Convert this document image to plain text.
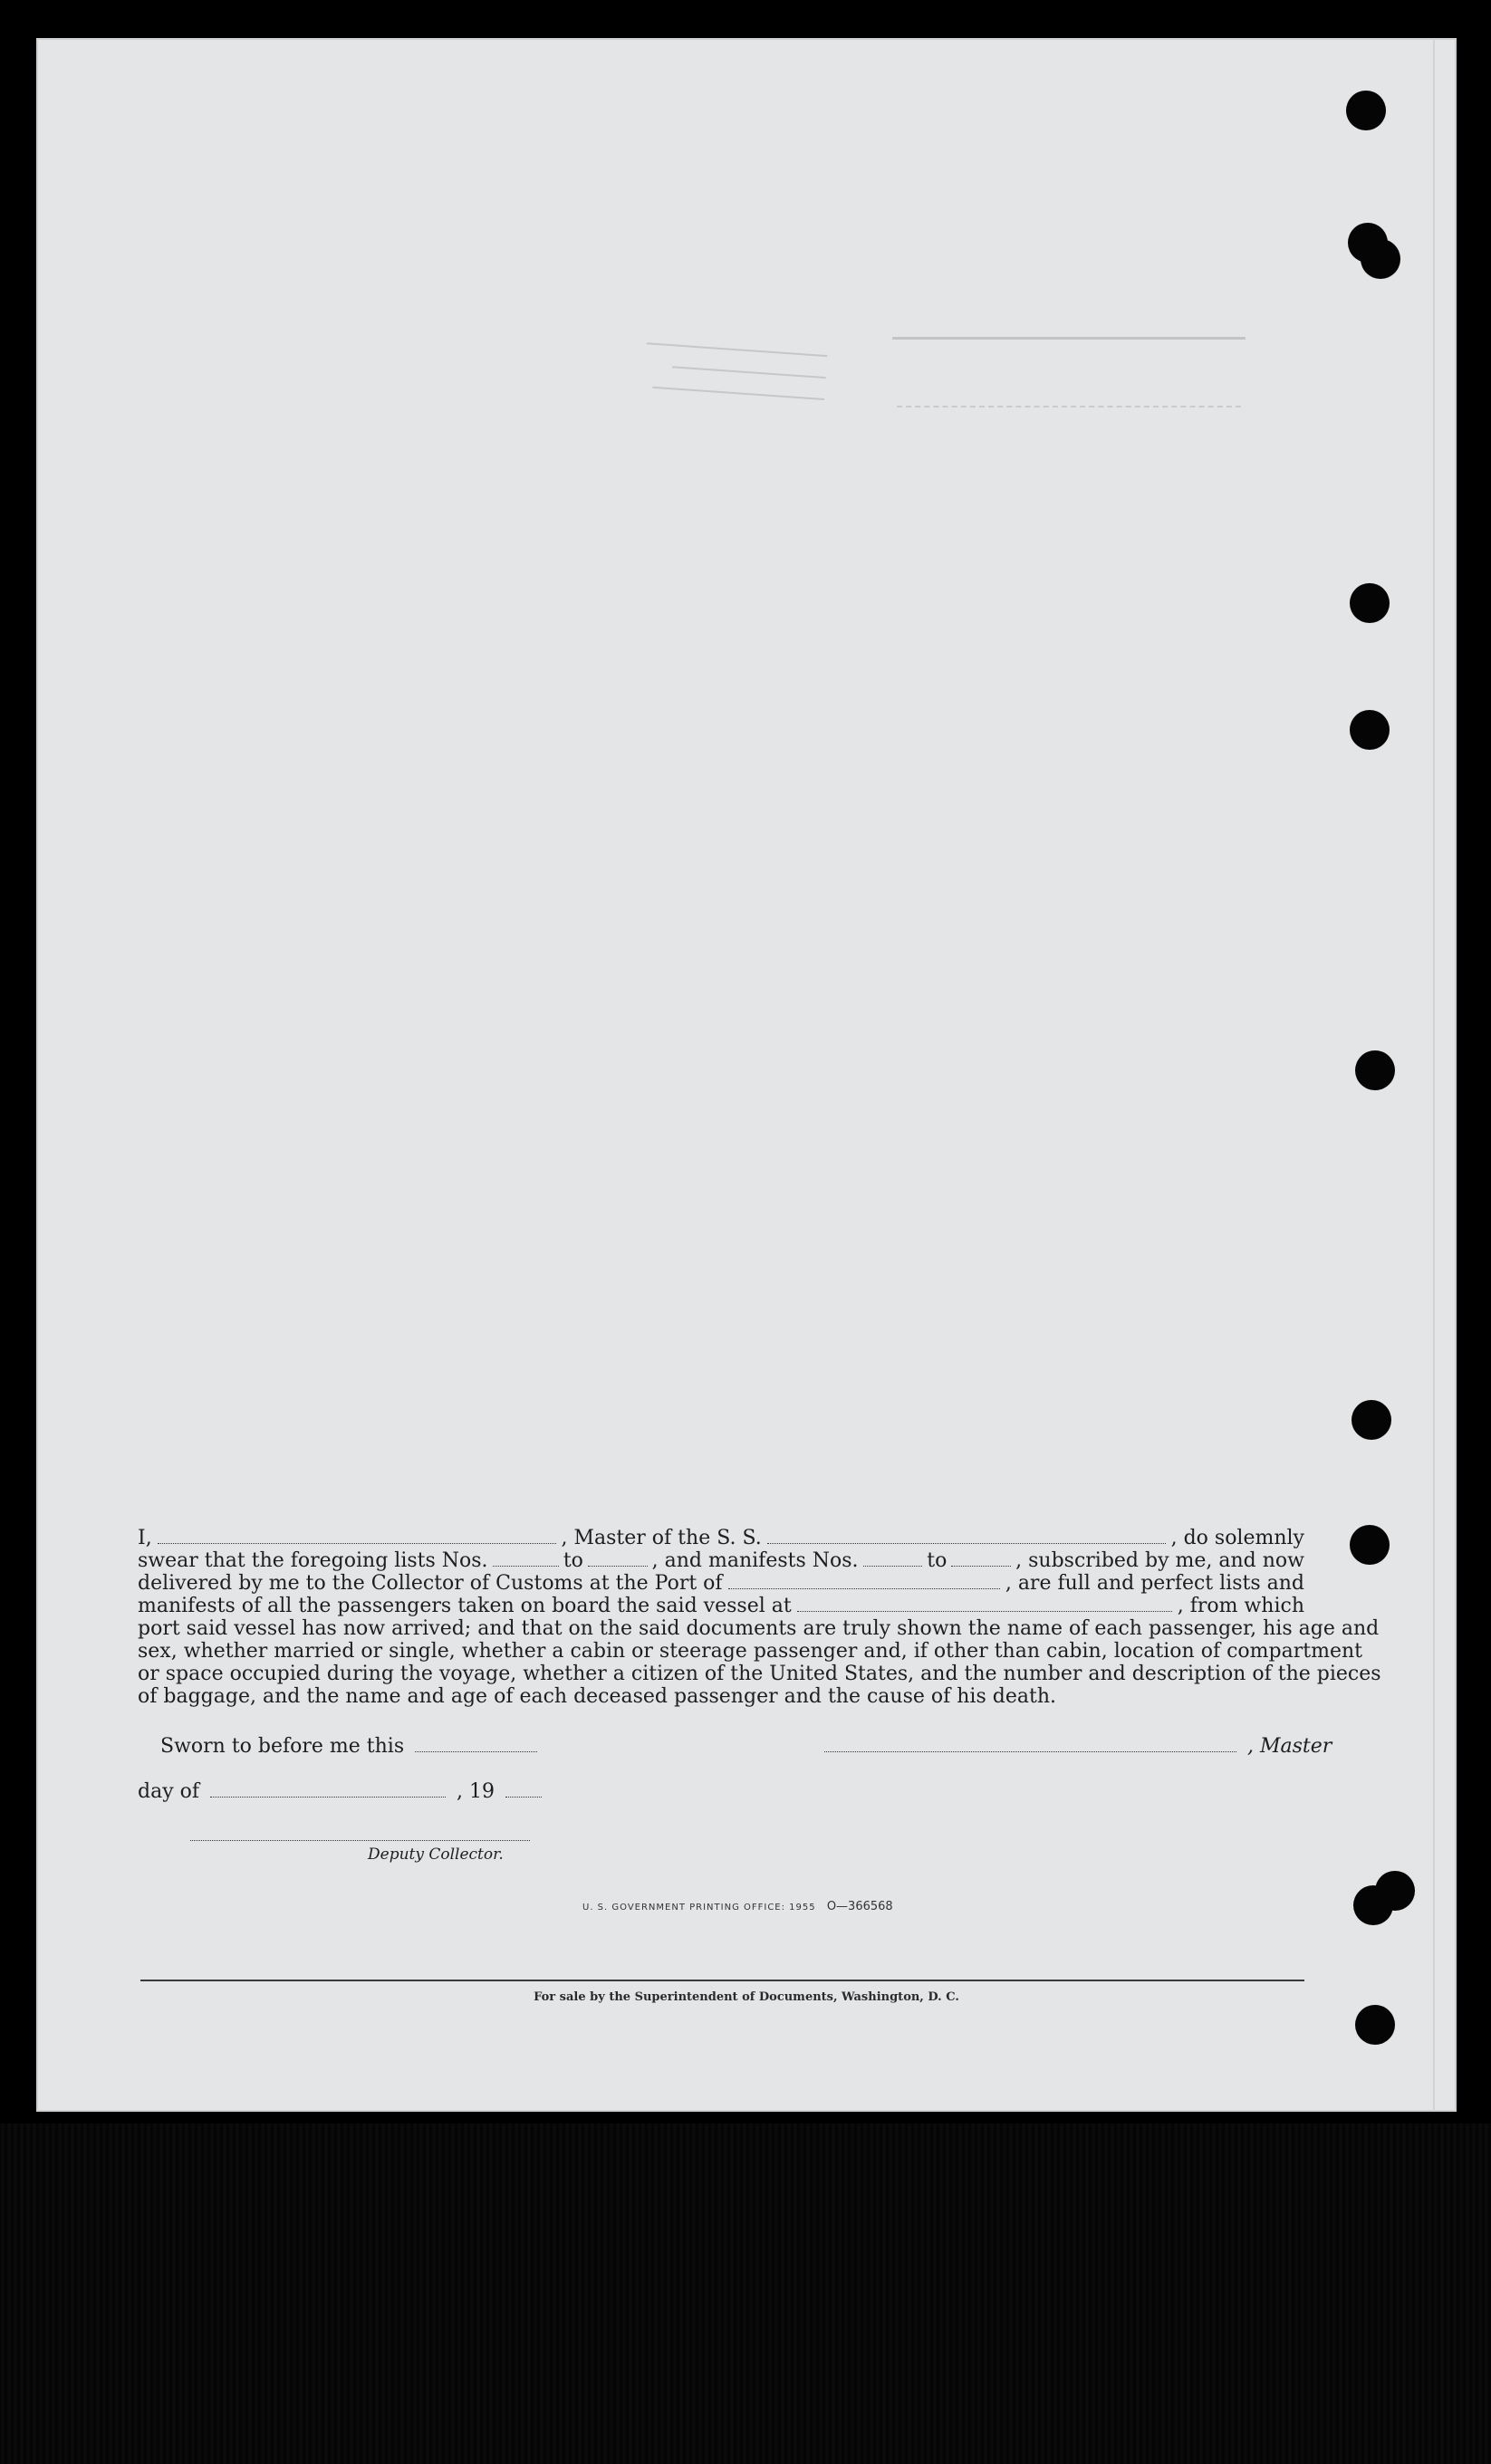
I,	, Master of the S. S.	, do solemnly
swear that the foregoing lists Nos.	to	, and manifests Nos.	to	, subscribed by me, and now
delivered by me to the Collector of Customs at the Port of	, are full and perfect lists and
manifests of all the passengers taken on board the said vessel at	, from which
port said vessel has now arrived; and that on the said documents are truly shown the name of each passenger, his age and
sex, whether married or single, whether a cabin or steerage passenger and, if other than cabin, location of compartment
or space occupied during the voyage, whether a citizen of the United States, and the number and description of the pieces
of baggage, and the name and age of each deceased passenger and the cause of his death.
Sworn to before me this	, Master
day of	, 19
Deputy Collector.
U. S. GOVERNMENT PRINTING OFFICE: 1955 O—366568
For sale by the Superintendent of Documents, Washington, D. C.
